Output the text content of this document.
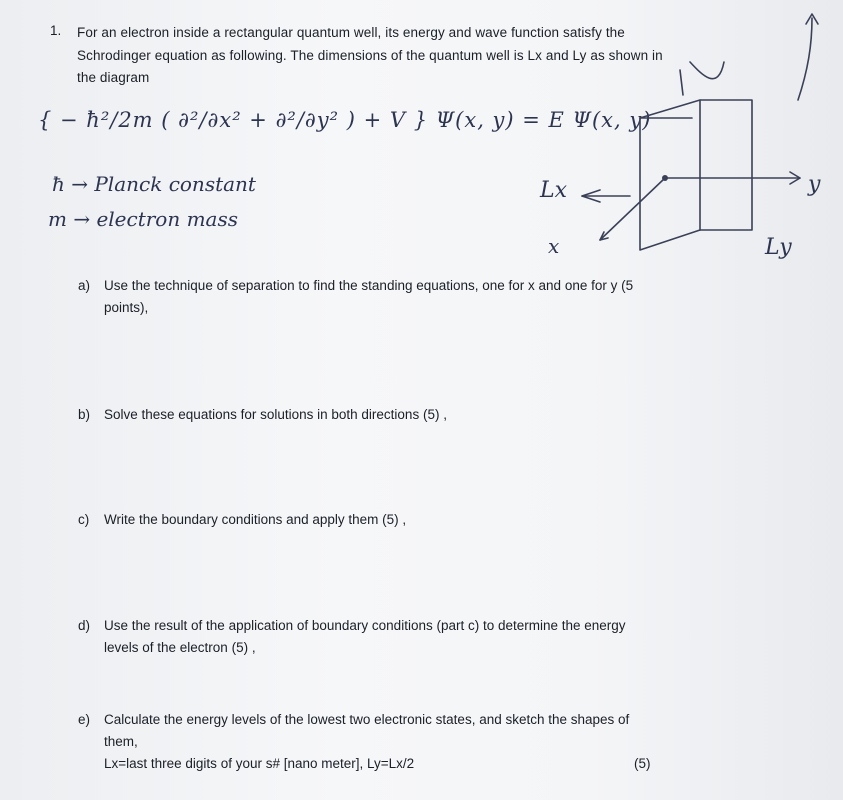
1. For an electron inside a rectangular quantum well, its energy and wave function satisfy the
Schrodinger equation as following. The dimensions of the quantum well is Lx and Ly as shown in
the diagram
{ − ħ²/2m ( ∂²/∂x² + ∂²/∂y² ) + V } Ψ(x, y) = E Ψ(x, y)
ħ → Planck constant
m → electron mass
Lx
Ly
x
y
a) Use the technique of separation to find the standing equations, one for x and one for y (5
points),
b) Solve these equations for solutions in both directions (5) ,
c) Write the boundary conditions and apply them (5) ,
d) Use the result of the application of boundary conditions (part c) to determine the energy
levels of the electron (5) ,
e) Calculate the energy levels of the lowest two electronic states, and sketch the shapes of
them,
Lx=last three digits of your s# [nano meter], Ly=Lx/2	(5)
